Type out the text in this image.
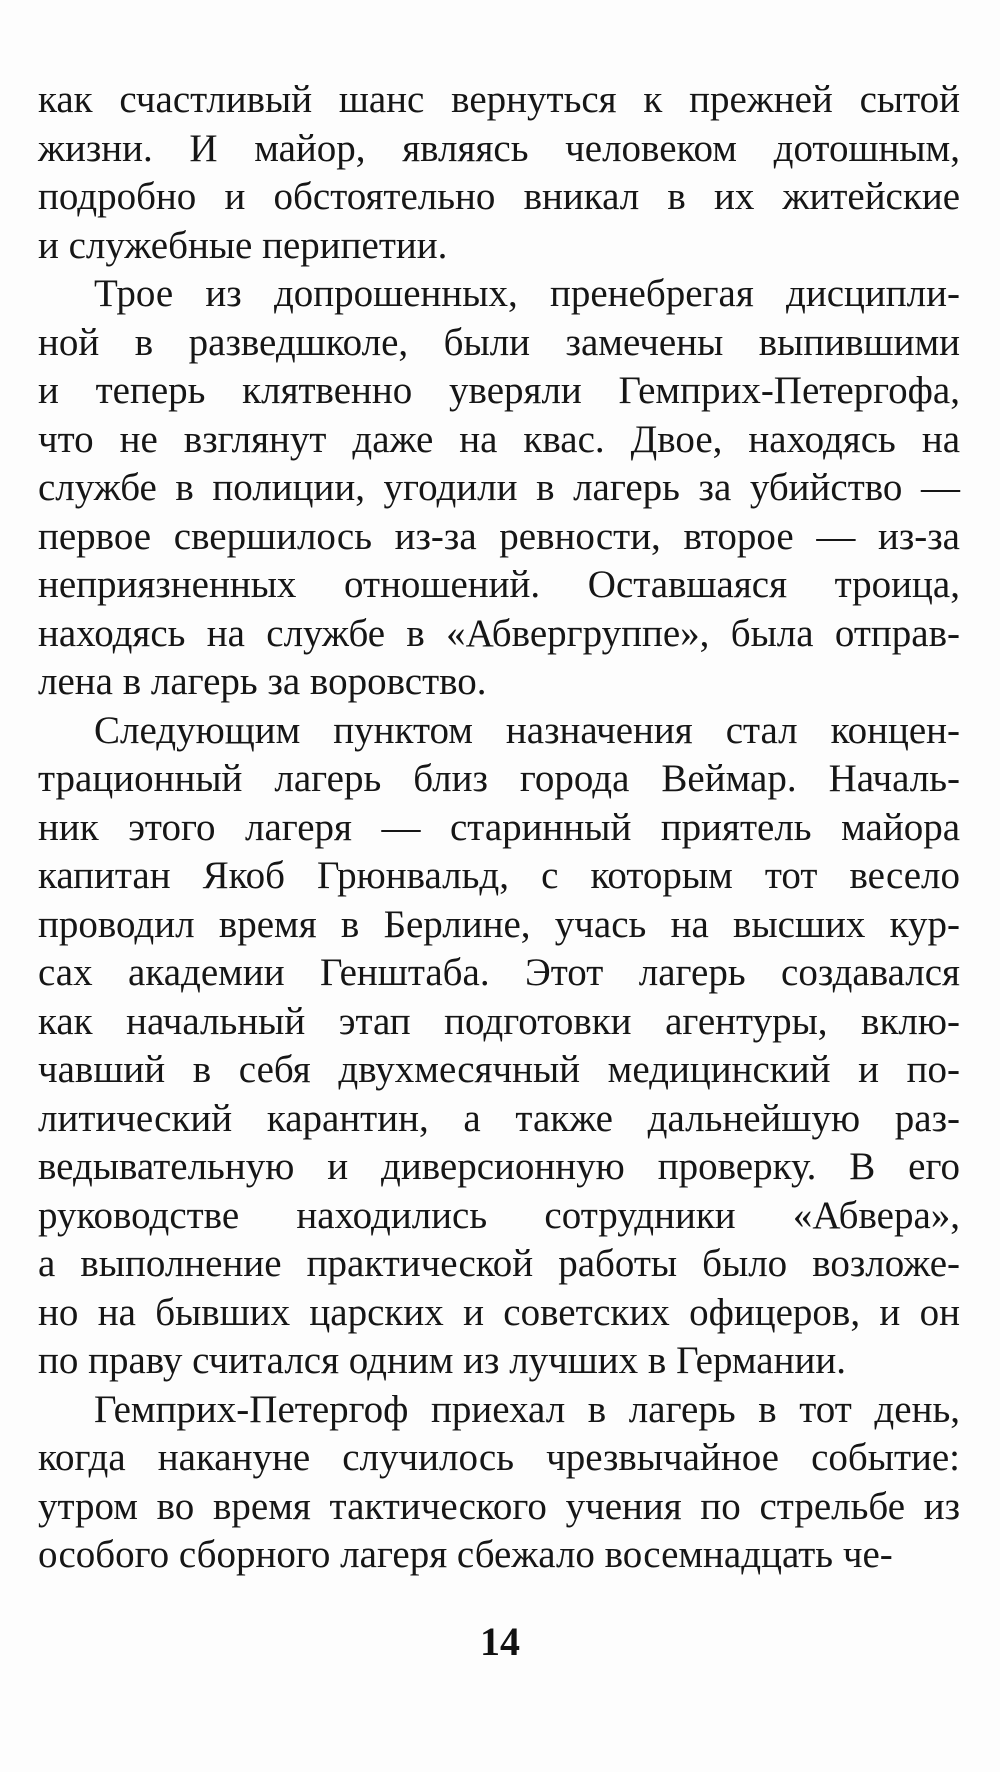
как счастливый шанс вернуться к прежней сытой
жизни. И майор, являясь человеком дотошным,
подробно и обстоятельно вникал в их житейские
и служебные перипетии.

Трое из допрошенных, пренебрегая дисципли-
ной в разведшколе, были замечены выпившими
и теперь клятвенно уверяли Гемприх-Петергофа,
что не взглянут даже на квас. Двое, находясь на
службе в полиции, угодили в лагерь за убийство —
первое свершилось из-за ревности, второе — из-за
неприязненных отношений. Оставшаяся троица,
находясь на службе в «Абвергруппе», была отправ-
лена в лагерь за воровство.

Следующим пунктом назначения стал концен-
трационный лагерь близ города Веймар. Началь-
ник этого лагеря — старинный приятель майора
капитан Якоб Грюнвальд, с которым тот весело
проводил время в Берлине, учась на высших кур-
сах академии Генштаба. Этот лагерь создавался
как начальный этап подготовки агентуры, вклю-
чавший в себя двухмесячный медицинский и по-
литический карантин, а также дальнейшую раз-
ведывательную и диверсионную проверку. В его
руководстве находились сотрудники «Абвера»,
а выполнение практической работы было возложе-
но на бывших царских и советских офицеров, и он
по праву считался одним из лучших в Германии.

Гемприх-Петергоф приехал в лагерь в тот день,
когда накануне случилось чрезвычайное событие:
утром во время тактического учения по стрельбе из
особого сборного лагеря сбежало восемнадцать че-

14
